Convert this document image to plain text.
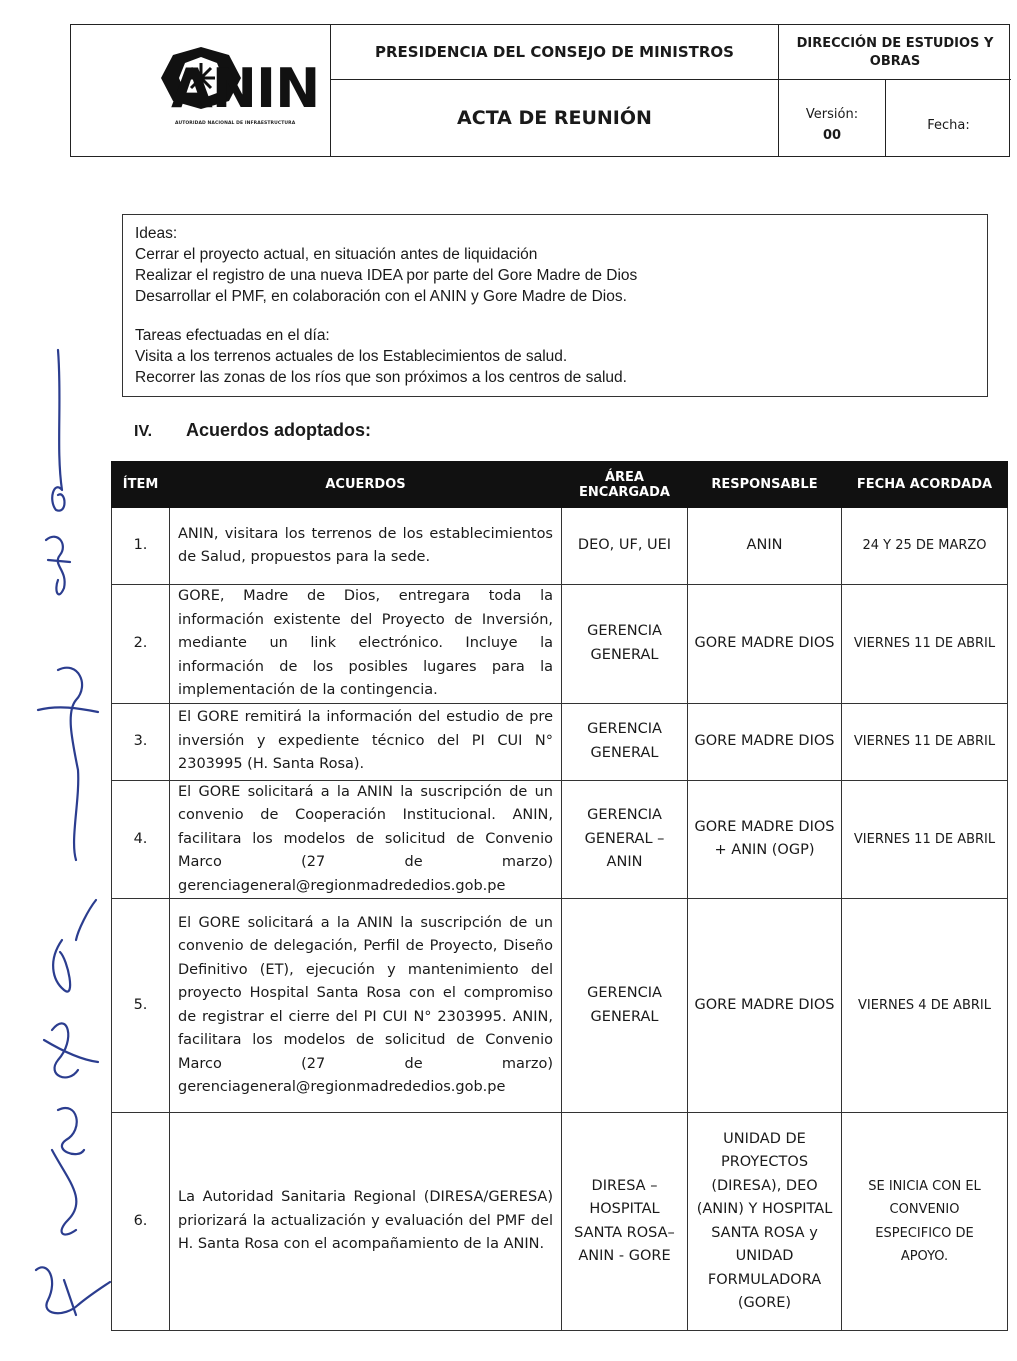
ANIN
AUTORIDAD NACIONAL DE INFRAESTRUCTURA
PRESIDENCIA DEL CONSEJO DE MINISTROS
ACTA DE REUNIÓN
DIRECCIÓN DE ESTUDIOS Y OBRAS
Versión:
00
Fecha:

Ideas:

Cerrar el proyecto actual, en situación antes de liquidación

Realizar el registro de una nueva IDEA por parte del Gore Madre de Dios

Desarrollar el PMF, en colaboración con el ANIN y Gore Madre de Dios.

Tareas efectuadas en el día:

Visita a los terrenos actuales de los Establecimientos de salud.

Recorrer las zonas de los ríos que son próximos a los centros de salud.

IV. Acuerdos adoptados:
ÍTEM	ACUERDOS	ÁREA ENCARGADA	RESPONSABLE	FECHA ACORDADA
1.	ANIN, visitara los terrenos de los establecimientos de Salud, propuestos para la sede.	DEO, UF, UEI	ANIN	24 Y 25 DE MARZO
2.	GORE, Madre de Dios, entregara toda la información existente del Proyecto de Inversión, mediante un link electrónico. Incluye la información de los posibles lugares para la implementación de la contingencia.	GERENCIA GENERAL	GORE MADRE DIOS	VIERNES 11 DE ABRIL
3.	El GORE remitirá la información del estudio de pre inversión y expediente técnico del PI CUI N° 2303995 (H. Santa Rosa).	GERENCIA GENERAL	GORE MADRE DIOS	VIERNES 11 DE ABRIL
4.	El GORE solicitará a la ANIN la suscripción de un convenio de Cooperación Institucional. ANIN, facilitara los modelos de solicitud de Convenio Marco (27 de marzo) gerenciageneral@regionmadrededios.gob.pe	GERENCIA GENERAL – ANIN	GORE MADRE DIOS + ANIN (OGP)	VIERNES 11 DE ABRIL
5.	El GORE solicitará a la ANIN la suscripción de un convenio de delegación, Perfil de Proyecto, Diseño Definitivo (ET), ejecución y mantenimiento del proyecto Hospital Santa Rosa con el compromiso de registrar el cierre del PI CUI N° 2303995. ANIN, facilitara los modelos de solicitud de Convenio Marco (27 de marzo) gerenciageneral@regionmadrededios.gob.pe	GERENCIA GENERAL	GORE MADRE DIOS	VIERNES 4 DE ABRIL
6.	La Autoridad Sanitaria Regional (DIRESA/GERESA) priorizará la actualización y evaluación del PMF del H. Santa Rosa con el acompañamiento de la ANIN.	DIRESA – HOSPITAL SANTA ROSA– ANIN - GORE	UNIDAD DE PROYECTOS (DIRESA), DEO (ANIN) Y HOSPITAL SANTA ROSA y UNIDAD FORMULADORA (GORE)	SE INICIA CON EL CONVENIO ESPECIFICO DE APOYO.
